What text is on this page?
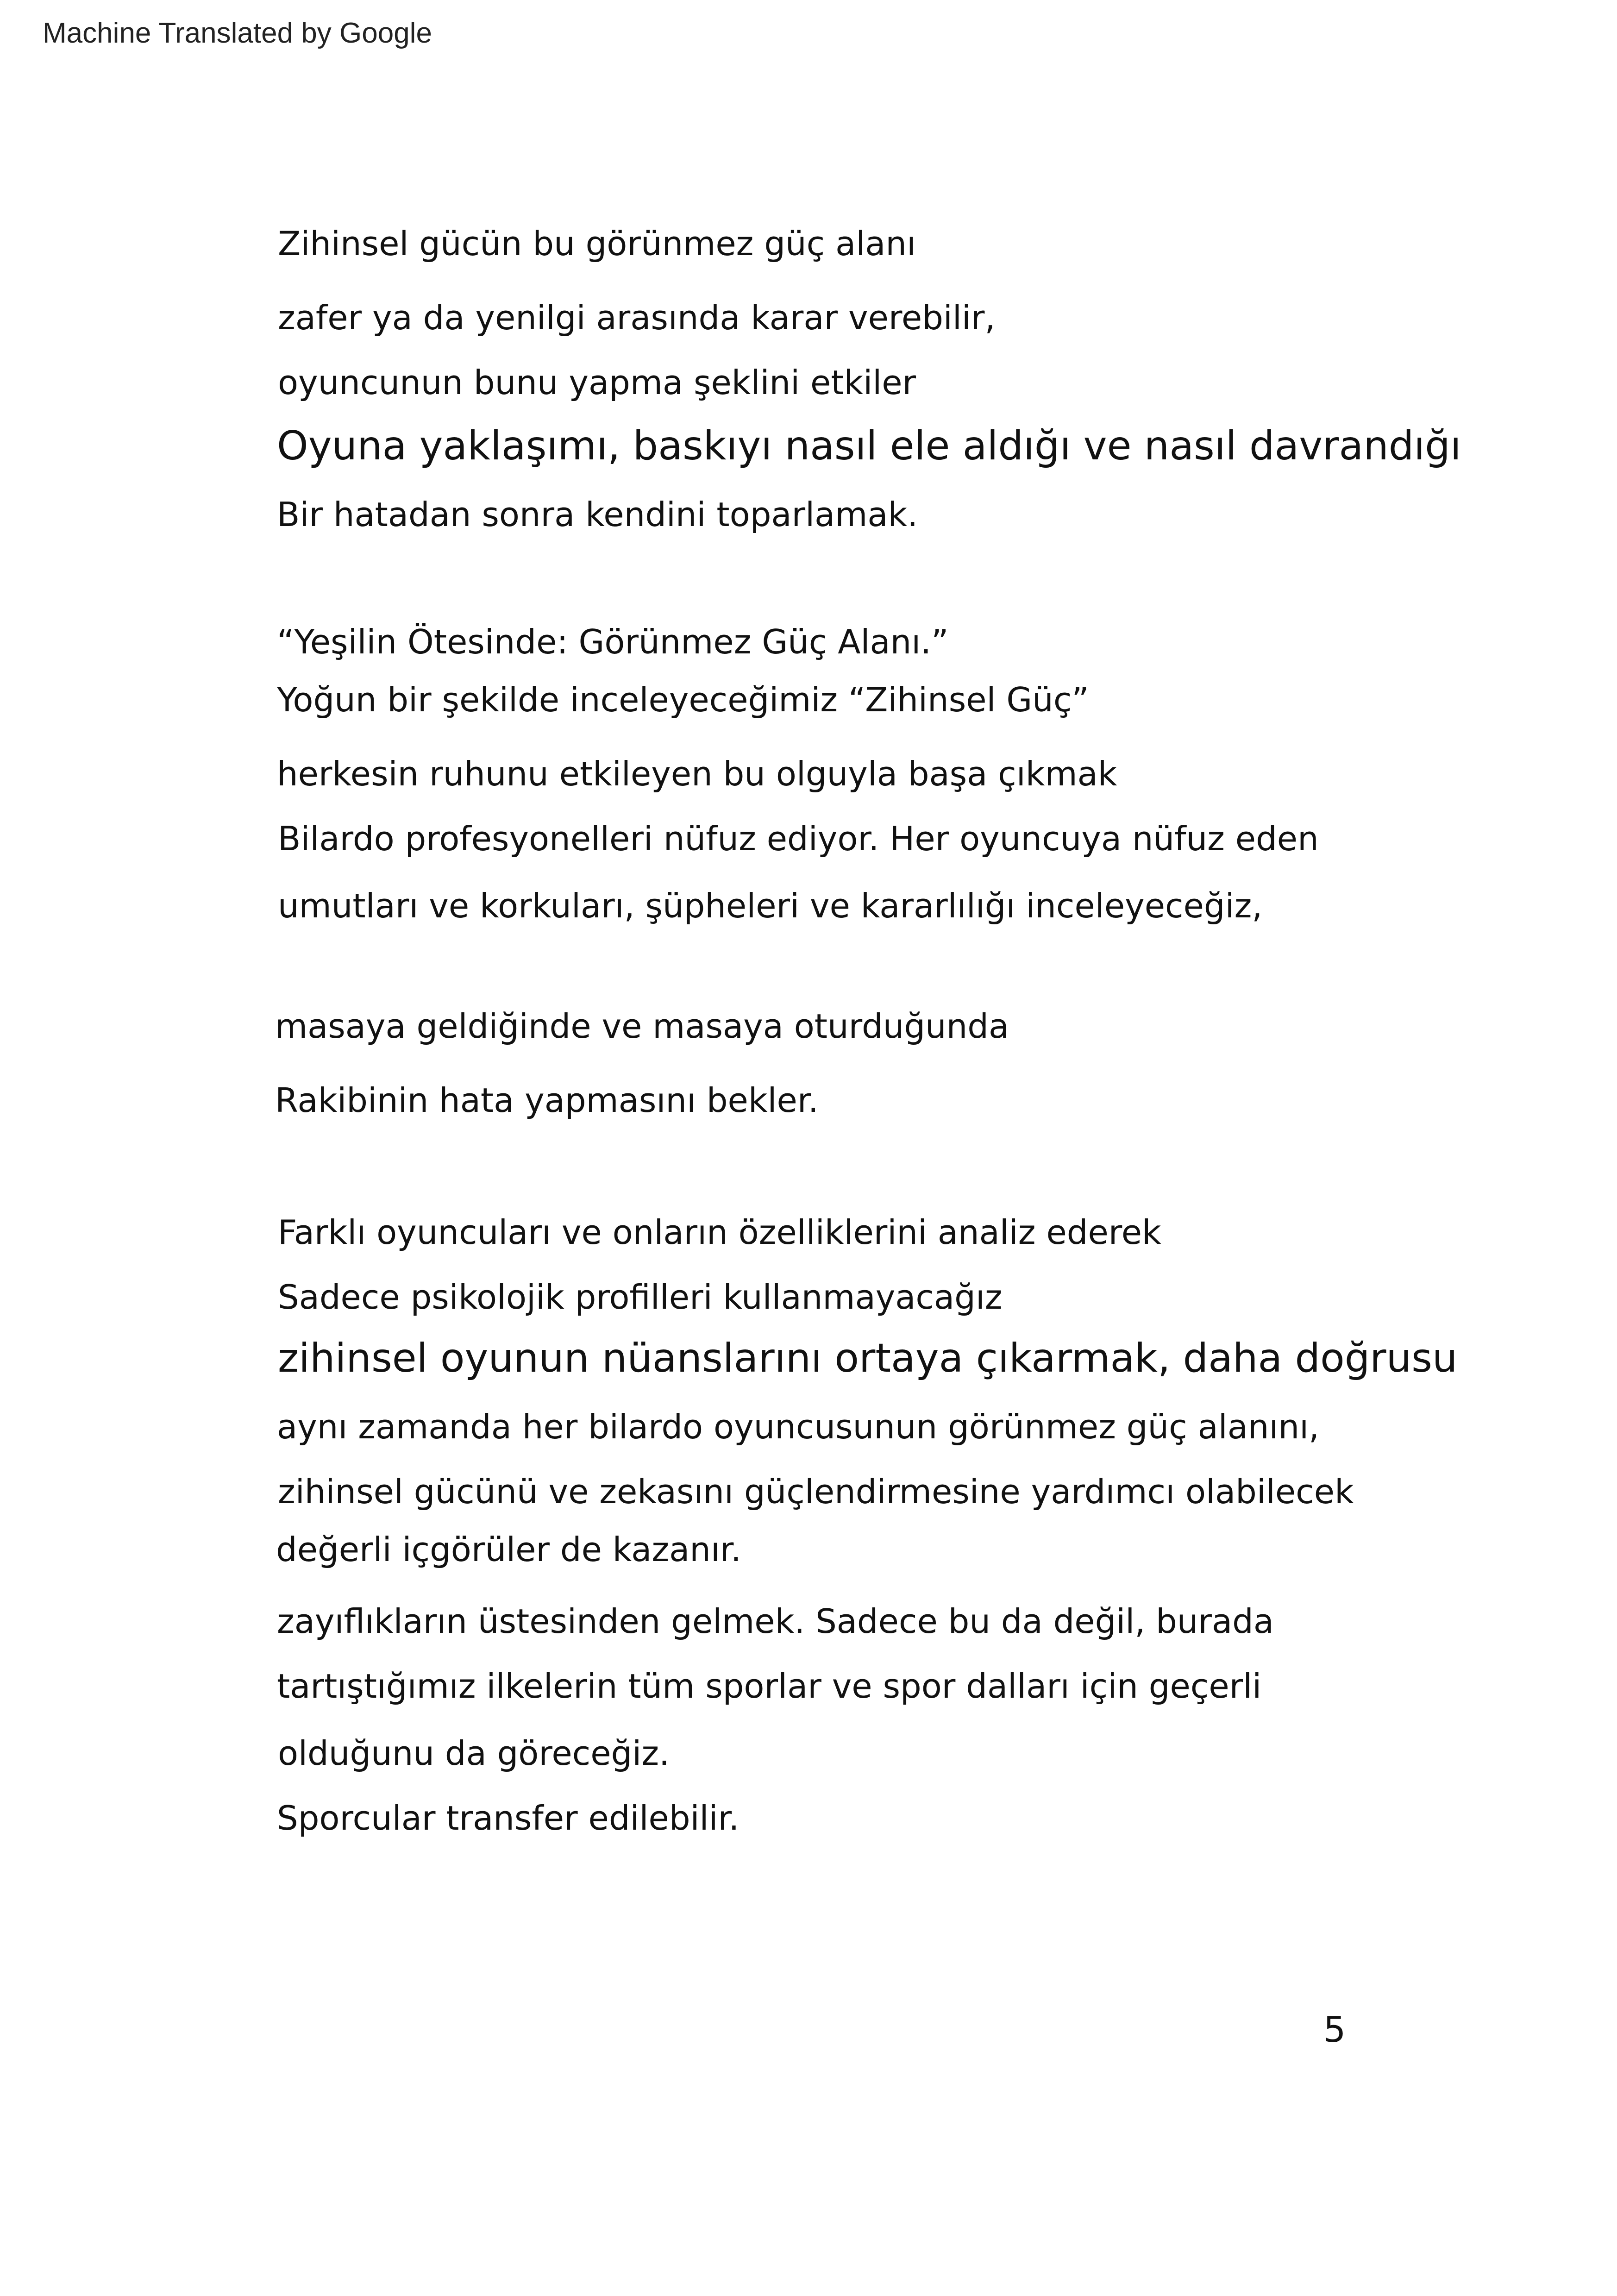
Machine Translated by Google
Zihinsel gücün bu görünmez güç alanı
zafer ya da yenilgi arasında karar verebilir,
oyuncunun bunu yapma şeklini etkiler
Oyuna yaklaşımı, baskıyı nasıl ele aldığı ve nasıl davrandığı
Bir hatadan sonra kendini toparlamak.
“Yeşilin Ötesinde: Görünmez Güç Alanı.”
Yoğun bir şekilde inceleyeceğimiz “Zihinsel Güç”
herkesin ruhunu etkileyen bu olguyla başa çıkmak
Bilardo profesyonelleri nüfuz ediyor. Her oyuncuya nüfuz eden
umutları ve korkuları, şüpheleri ve kararlılığı inceleyeceğiz,
masaya geldiğinde ve masaya oturduğunda
Rakibinin hata yapmasını bekler.
Farklı oyuncuları ve onların özelliklerini analiz ederek
Sadece psikolojik profilleri kullanmayacağız
zihinsel oyunun nüanslarını ortaya çıkarmak, daha doğrusu
aynı zamanda her bilardo oyuncusunun görünmez güç alanını,
zihinsel gücünü ve zekasını güçlendirmesine yardımcı olabilecek
değerli içgörüler de kazanır.
zayıflıkların üstesinden gelmek. Sadece bu da değil, burada
tartıştığımız ilkelerin tüm sporlar ve spor dalları için geçerli
olduğunu da göreceğiz.
Sporcular transfer edilebilir.
5
